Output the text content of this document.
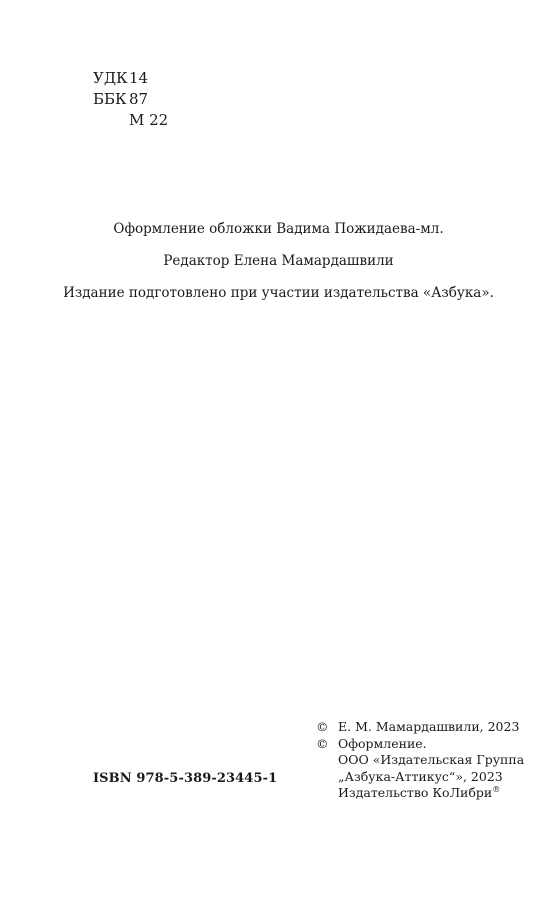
УДК 14
ББК 87
М 22
Оформление обложки Вадима Пожидаева-мл.
Редактор Елена Мамардашвили
Издание подготовлено при участии издательства «Азбука».
© Е. М. Мамардашвили, 2023
© Оформление.
ООО «Издательская Группа
„Азбука-Аттикус“», 2023
Издательство КоЛибри®
ISBN 978-5-389-23445-1
